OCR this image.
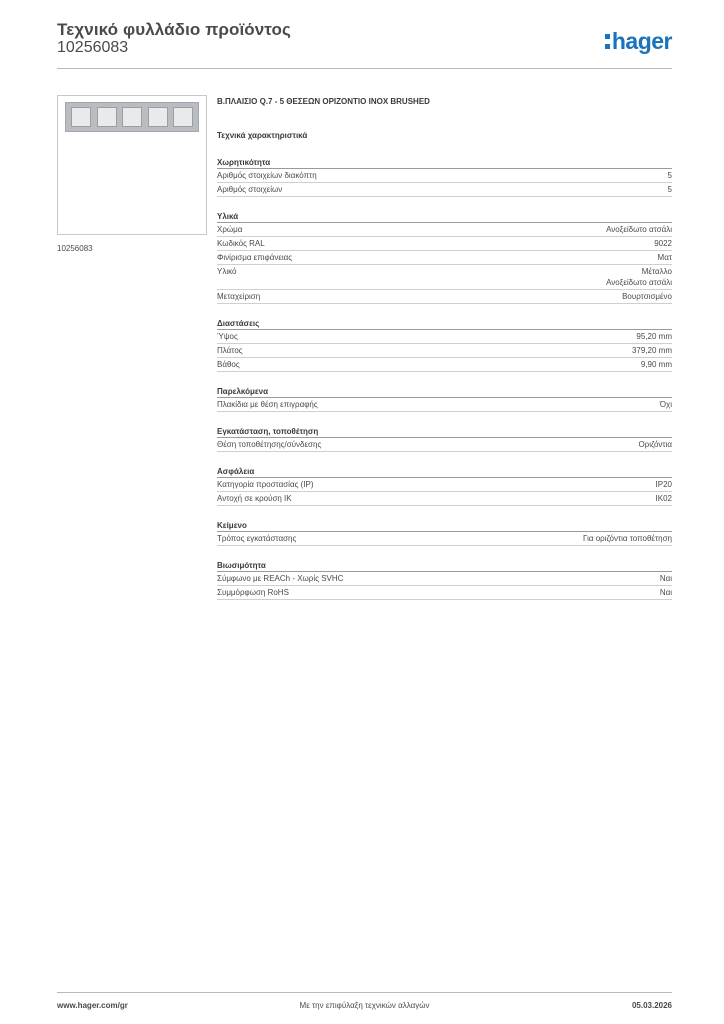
Τεχνικό φυλλάδιο προϊόντος
10256083	hager
10256083
Β.ΠΛΑΙΣΙΟ Q.7 - 5 ΘΕΣΕΩΝ ΟΡΙΖΟΝΤΙΟ INOX BRUSHED
Τεχνικά χαρακτηριστικά
Χωρητικότητα
Αριθμός στοιχείων διακόπτη	5
Αριθμός στοιχείων	5
Υλικά
Χρώμα	Ανοξείδωτο ατσάλι
Κωδικός RAL	9022
Φινίρισμα επιφάνειας	Ματ
Υλικό	Μέταλλο
Ανοξείδωτο ατσάλι
Μεταχείριση	Βουρτσισμένο
Διαστάσεις
Ύψος	95,20 mm
Πλάτος	379,20 mm
Βάθος	9,90 mm
Παρελκόμενα
Πλακίδια με θέση επιγραφής	Όχι
Εγκατάσταση, τοποθέτηση
Θέση τοποθέτησης/σύνδεσης	Οριζόντια
Ασφάλεια
Κατηγορία προστασίας (IP)	IP20
Αντοχή σε κρούση IK	IK02
Κείμενο
Τρόπος εγκατάστασης	Για οριζόντια τοποθέτηση
Βιωσιμότητα
Σύμφωνο με REACh - Χωρίς SVHC	Ναι
Συμμόρφωση RoHS	Ναι
www.hager.com/gr	Με την επιφύλαξη τεχνικών αλλαγών	05.03.2026
